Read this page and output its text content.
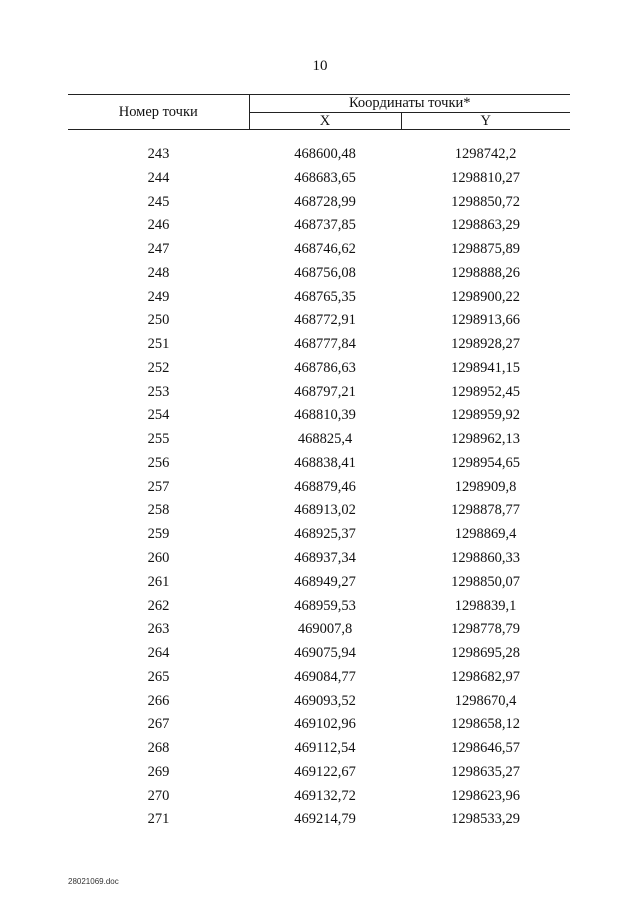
10
Номер точки	Координаты точки*	
	X	Y

243	468600,48	1298742,2
244	468683,65	1298810,27
245	468728,99	1298850,72
246	468737,85	1298863,29
247	468746,62	1298875,89
248	468756,08	1298888,26
249	468765,35	1298900,22
250	468772,91	1298913,66
251	468777,84	1298928,27
252	468786,63	1298941,15
253	468797,21	1298952,45
254	468810,39	1298959,92
255	468825,4	1298962,13
256	468838,41	1298954,65
257	468879,46	1298909,8
258	468913,02	1298878,77
259	468925,37	1298869,4
260	468937,34	1298860,33
261	468949,27	1298850,07
262	468959,53	1298839,1
263	469007,8	1298778,79
264	469075,94	1298695,28
265	469084,77	1298682,97
266	469093,52	1298670,4
267	469102,96	1298658,12
268	469112,54	1298646,57
269	469122,67	1298635,27
270	469132,72	1298623,96
271	469214,79	1298533,29
28021069.doc
